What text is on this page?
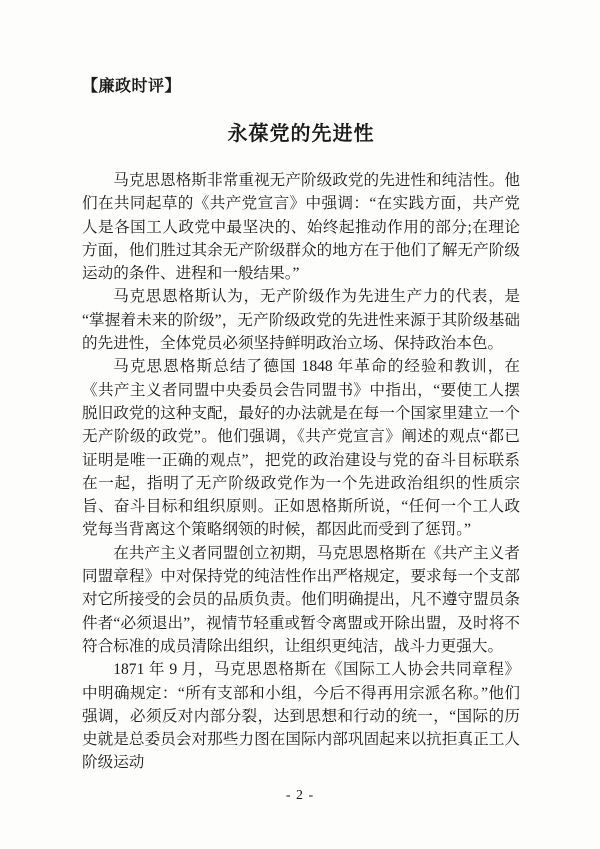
【廉政时评】
永葆党的先进性

马克思恩格斯非常重视无产阶级政党的先进性和纯洁性。他们在共同起草的《共产党宣言》中强调：“在实践方面，共产党人是各国工人政党中最坚决的、始终起推动作用的部分;在理论方面，他们胜过其余无产阶级群众的地方在于他们了解无产阶级运动的条件、进程和一般结果。”

马克思恩格斯认为，无产阶级作为先进生产力的代表，是“掌握着未来的阶级”，无产阶级政党的先进性来源于其阶级基础的先进性，全体党员必须坚持鲜明政治立场、保持政治本色。

马克思恩格斯总结了德国 1848 年革命的经验和教训，在《共产主义者同盟中央委员会告同盟书》中指出，“要使工人摆脱旧政党的这种支配，最好的办法就是在每一个国家里建立一个无产阶级的政党”。他们强调，《共产党宣言》阐述的观点“都已证明是唯一正确的观点”，把党的政治建设与党的奋斗目标联系在一起，指明了无产阶级政党作为一个先进政治组织的性质宗旨、奋斗目标和组织原则。正如恩格斯所说，“任何一个工人政党每当背离这个策略纲领的时候，都因此而受到了惩罚。”

在共产主义者同盟创立初期，马克思恩格斯在《共产主义者同盟章程》中对保持党的纯洁性作出严格规定，要求每一个支部对它所接受的会员的品质负责。他们明确提出，凡不遵守盟员条件者“必须退出”，视情节轻重或暂令离盟或开除出盟，及时将不符合标准的成员清除出组织，让组织更纯洁，战斗力更强大。

1871 年 9 月，马克思恩格斯在《国际工人协会共同章程》中明确规定：“所有支部和小组，今后不得再用宗派名称。”他们强调，必须反对内部分裂，达到思想和行动的统一，“国际的历史就是总委员会对那些力图在国际内部巩固起来以抗拒真正工人阶级运动

- 2 -
